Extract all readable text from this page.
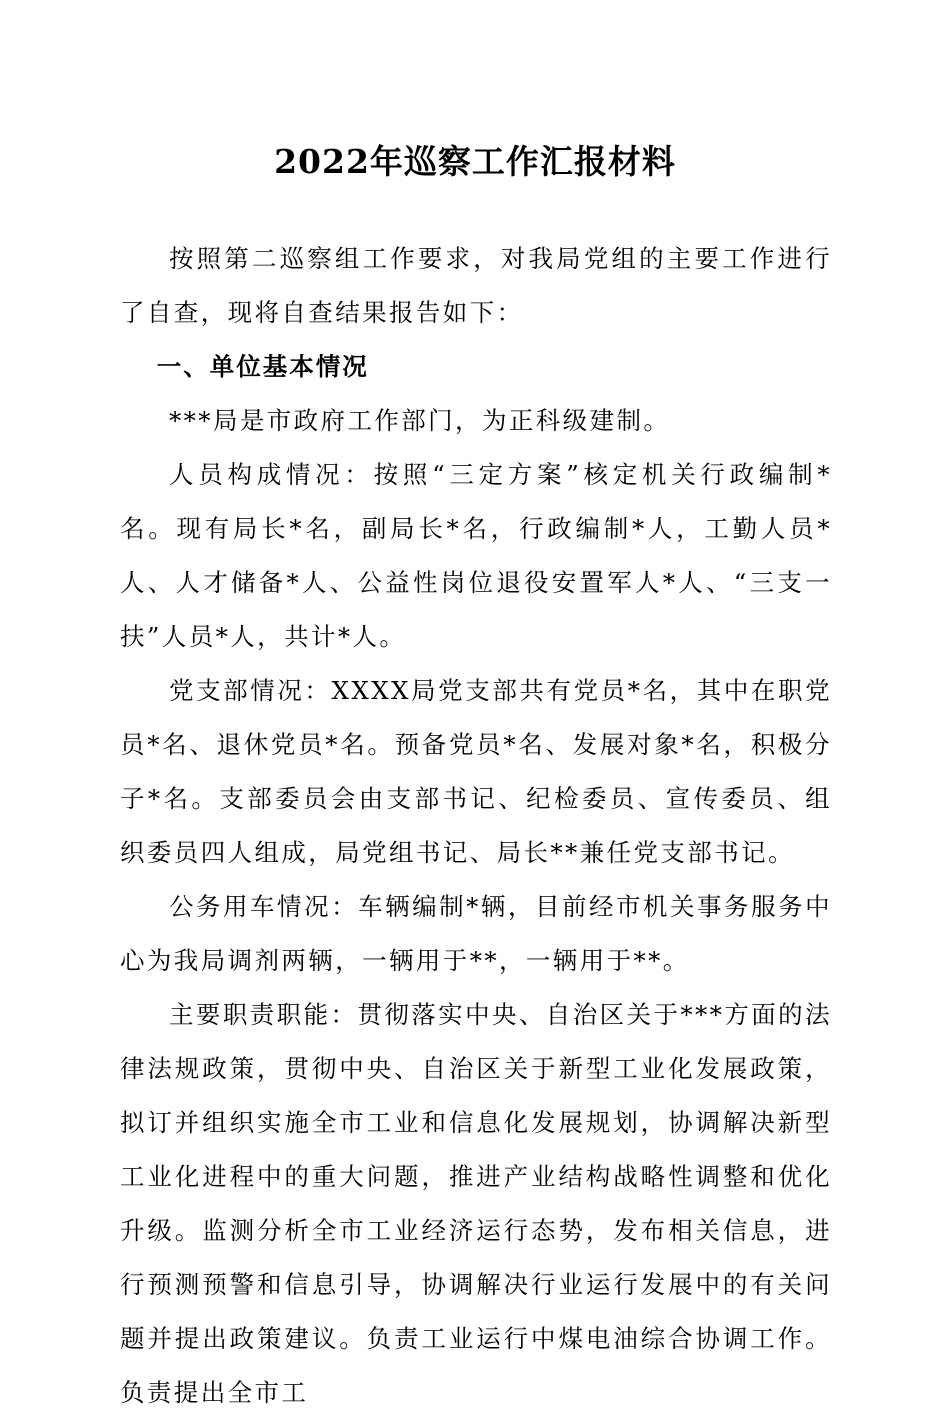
2022年巡察工作汇报材料

按照第二巡察组工作要求，对我局党组的主要工作进行了自查，现将自查结果报告如下：

一、单位基本情况

***局是市政府工作部门，为正科级建制。

人员构成情况：按照“三定方案”核定机关行政编制*名。现有局长*名，副局长*名，行政编制*人，工勤人员*人、人才储备*人、公益性岗位退役安置军人*人、“三支一扶”人员*人，共计*人。

党支部情况：XXXX局党支部共有党员*名，其中在职党员*名、退休党员*名。预备党员*名、发展对象*名，积极分子*名。支部委员会由支部书记、纪检委员、宣传委员、组织委员四人组成，局党组书记、局长**兼任党支部书记。

公务用车情况：车辆编制*辆，目前经市机关事务服务中心为我局调剂两辆，一辆用于**，一辆用于**。

主要职责职能：贯彻落实中央、自治区关于***方面的法律法规政策，贯彻中央、自治区关于新型工业化发展政策，拟订并组织实施全市工业和信息化发展规划，协调解决新型工业化进程中的重大问题，推进产业结构战略性调整和优化升级。监测分析全市工业经济运行态势，发布相关信息，进行预测预警和信息引导，协调解决行业运行发展中的有关问题并提出政策建议。负责工业运行中煤电油综合协调工作。负责提出全市工
